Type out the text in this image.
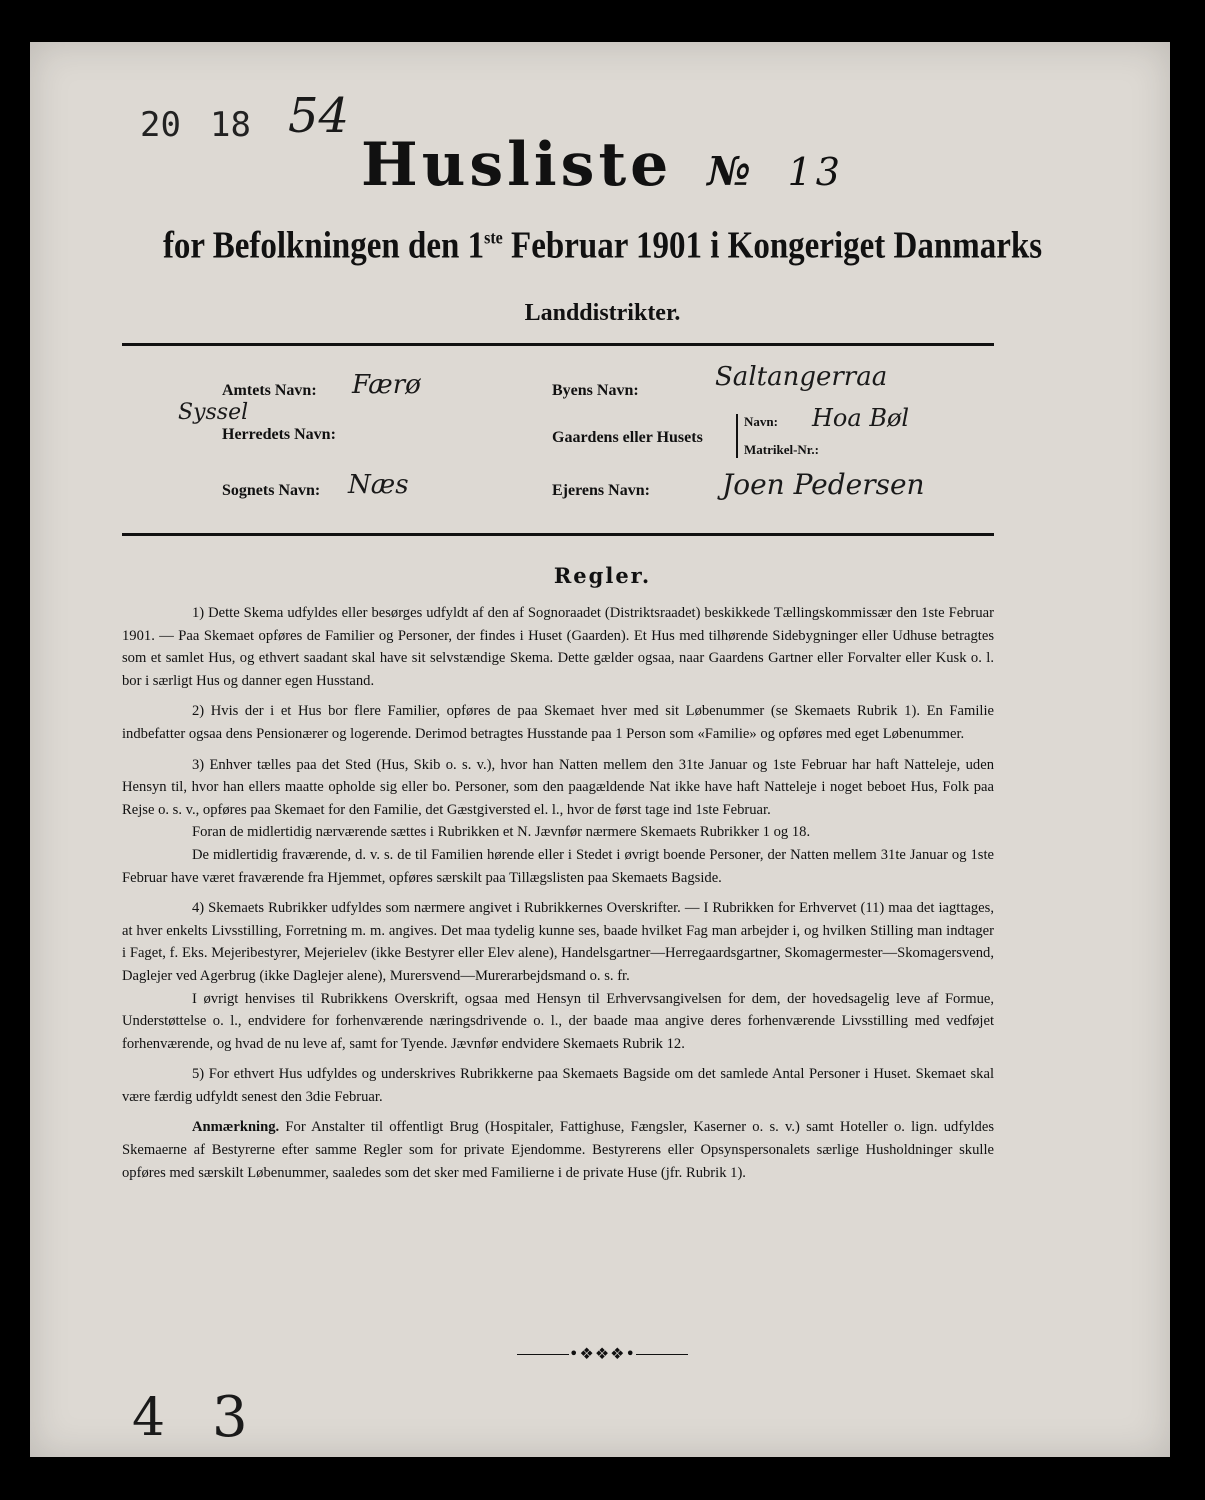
20 18 54
Husliste № 13
for Befolkningen den 1ste Februar 1901 i Kongeriget Danmarks
Landdistrikter.
Amtets Navn: Færø
Syssel
Herredets Navn:
Sognets Navn: Næs
Byens Navn:	Saltangerraa
Gaardens eller Husets
Navn: Hoa Bøl
Matrikel-Nr.:
Ejerens Navn:	Joen Pedersen
Regler.

1) Dette Skema udfyldes eller besørges udfyldt af den af Sognoraadet (Distriktsraadet) beskikkede Tællingskommissær den 1ste Februar 1901. — Paa Skemaet opføres de Familier og Personer, der findes i Huset (Gaarden). Et Hus med tilhørende Sidebygninger eller Udhuse betragtes som et samlet Hus, og ethvert saadant skal have sit selvstændige Skema. Dette gælder ogsaa, naar Gaardens Gartner eller Forvalter eller Kusk o. l. bor i særligt Hus og danner egen Husstand.

2) Hvis der i et Hus bor flere Familier, opføres de paa Skemaet hver med sit Løbenummer (se Skemaets Rubrik 1). En Familie indbefatter ogsaa dens Pensionærer og logerende. Derimod betragtes Husstande paa 1 Person som «Familie» og opføres med eget Løbenummer.

3) Enhver tælles paa det Sted (Hus, Skib o. s. v.), hvor han Natten mellem den 31te Januar og 1ste Februar har haft Natteleje, uden Hensyn til, hvor han ellers maatte opholde sig eller bo. Personer, som den paagældende Nat ikke have haft Natteleje i noget beboet Hus, Folk paa Rejse o. s. v., opføres paa Skemaet for den Familie, det Gæstgiversted el. l., hvor de først tage ind 1ste Februar.

Foran de midlertidig nærværende sættes i Rubrikken et N. Jævnfør nærmere Skemaets Rubrikker 1 og 18.

De midlertidig fraværende, d. v. s. de til Familien hørende eller i Stedet i øvrigt boende Personer, der Natten mellem 31te Januar og 1ste Februar have været fraværende fra Hjemmet, opføres særskilt paa Tillægslisten paa Skemaets Bagside.

4) Skemaets Rubrikker udfyldes som nærmere angivet i Rubrikkernes Overskrifter. — I Rubrikken for Erhvervet (11) maa det iagttages, at hver enkelts Livsstilling, Forretning m. m. angives. Det maa tydelig kunne ses, baade hvilket Fag man arbejder i, og hvilken Stilling man indtager i Faget, f. Eks. Mejeribestyrer, Mejerielev (ikke Bestyrer eller Elev alene), Handelsgartner—Herregaardsgartner, Skomagermester—Skomagersvend, Daglejer ved Agerbrug (ikke Daglejer alene), Murersvend—Murerarbejdsmand o. s. fr.

I øvrigt henvises til Rubrikkens Overskrift, ogsaa med Hensyn til Erhvervsangivelsen for dem, der hovedsagelig leve af Formue, Understøttelse o. l., endvidere for forhenværende næringsdrivende o. l., der baade maa angive deres forhenværende Livsstilling med vedføjet forhenværende, og hvad de nu leve af, samt for Tyende. Jævnfør endvidere Skemaets Rubrik 12.

5) For ethvert Hus udfyldes og underskrives Rubrikkerne paa Skemaets Bagside om det samlede Antal Personer i Huset. Skemaet skal være færdig udfyldt senest den 3die Februar.

Anmærkning. For Anstalter til offentligt Brug (Hospitaler, Fattighuse, Fængsler, Kaserner o. s. v.) samt Hoteller o. lign. udfyldes Skemaerne af Bestyrerne efter samme Regler som for private Ejendomme. Bestyrerens eller Opsynspersonalets særlige Husholdninger skulle opføres med særskilt Løbenummer, saaledes som det sker med Familierne i de private Huse (jfr. Rubrik 1).

•❖❖❖•
4 3
